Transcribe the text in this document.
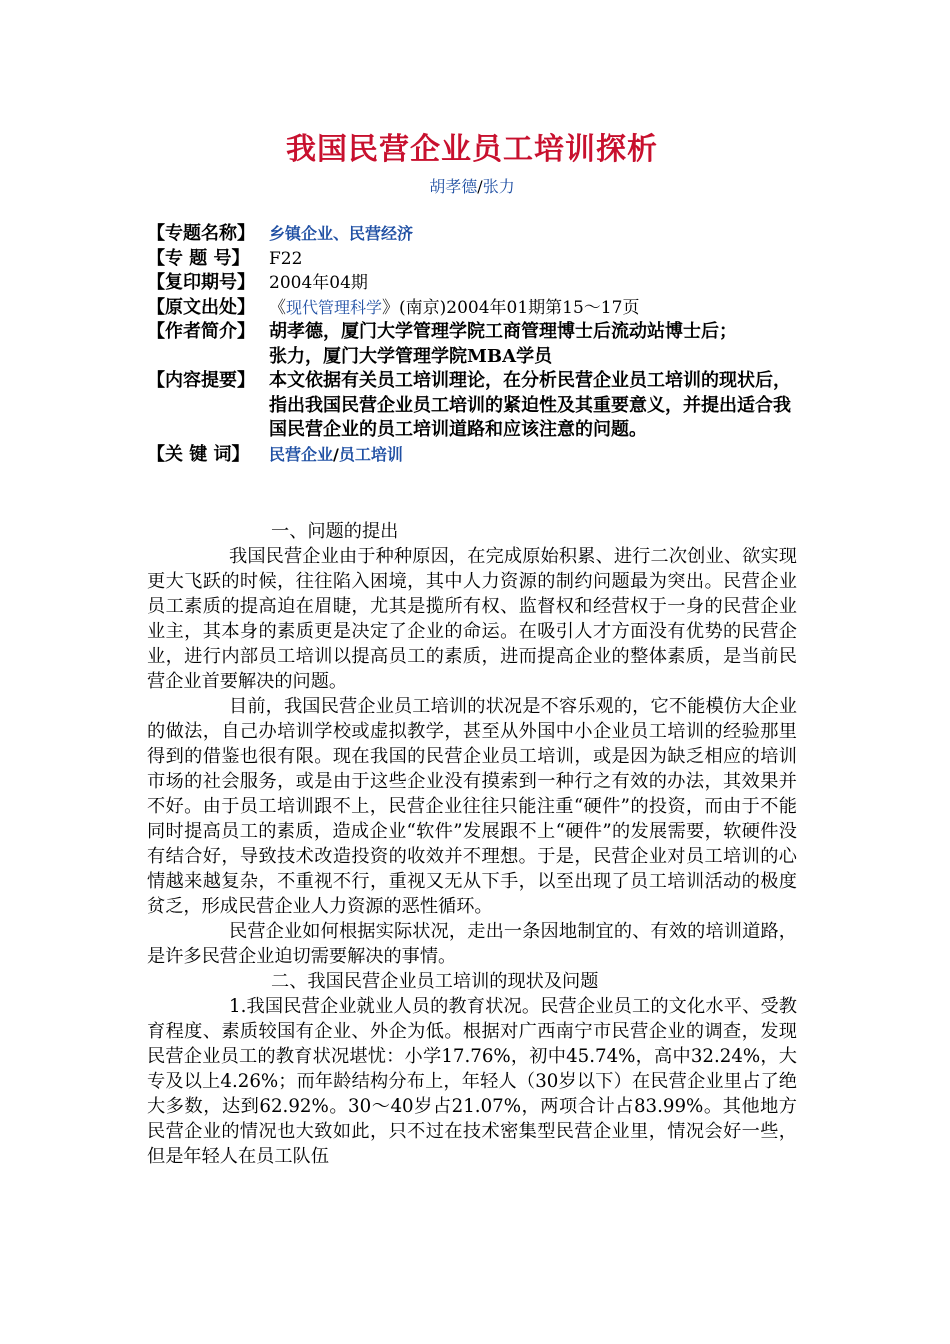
我国民营企业员工培训探析
胡孝德/张力
【专题名称】 乡镇企业、民营经济
【专 题 号】	F22
【复印期号】 2004年04期
【原文出处】 《现代管理科学》(南京)2004年01期第15～17页
【作者简介】 胡孝德，厦门大学管理学院工商管理博士后流动站博士后；
张力，厦门大学管理学院MBA学员
【内容提要】 本文依据有关员工培训理论，在分析民营企业员工培训的现状后，指出我国民营企业员工培训的紧迫性及其重要意义，并提出适合我国民营企业的员工培训道路和应该注意的问题。
【关 键 词】	民营企业/员工培训
一、问题的提出

我国民营企业由于种种原因，在完成原始积累、进行二次创业、欲实现更大飞跃的时候，往往陷入困境，其中人力资源的制约问题最为突出。民营企业员工素质的提高迫在眉睫，尤其是揽所有权、监督权和经营权于一身的民营企业业主，其本身的素质更是决定了企业的命运。在吸引人才方面没有优势的民营企业，进行内部员工培训以提高员工的素质，进而提高企业的整体素质，是当前民营企业首要解决的问题。

目前，我国民营企业员工培训的状况是不容乐观的，它不能模仿大企业的做法，自己办培训学校或虚拟教学，甚至从外国中小企业员工培训的经验那里得到的借鉴也很有限。现在我国的民营企业员工培训，或是因为缺乏相应的培训市场的社会服务，或是由于这些企业没有摸索到一种行之有效的办法，其效果并不好。由于员工培训跟不上，民营企业往往只能注重“硬件”的投资，而由于不能同时提高员工的素质，造成企业“软件”发展跟不上“硬件”的发展需要，软硬件没有结合好，导致技术改造投资的收效并不理想。于是，民营企业对员工培训的心情越来越复杂，不重视不行，重视又无从下手，以至出现了员工培训活动的极度贫乏，形成民营企业人力资源的恶性循环。

民营企业如何根据实际状况，走出一条因地制宜的、有效的培训道路，是许多民营企业迫切需要解决的事情。

二、我国民营企业员工培训的现状及问题

1.我国民营企业就业人员的教育状况。民营企业员工的文化水平、受教育程度、素质较国有企业、外企为低。根据对广西南宁市民营企业的调查，发现民营企业员工的教育状况堪忧：小学17.76%，初中45.74%，高中32.24%，大专及以上4.26%；而年龄结构分布上，年轻人（30岁以下）在民营企业里占了绝大多数，达到62.92%。30～40岁占21.07%，两项合计占83.99%。其他地方民营企业的情况也大致如此，只不过在技术密集型民营企业里，情况会好一些，但是年轻人在员工队伍
